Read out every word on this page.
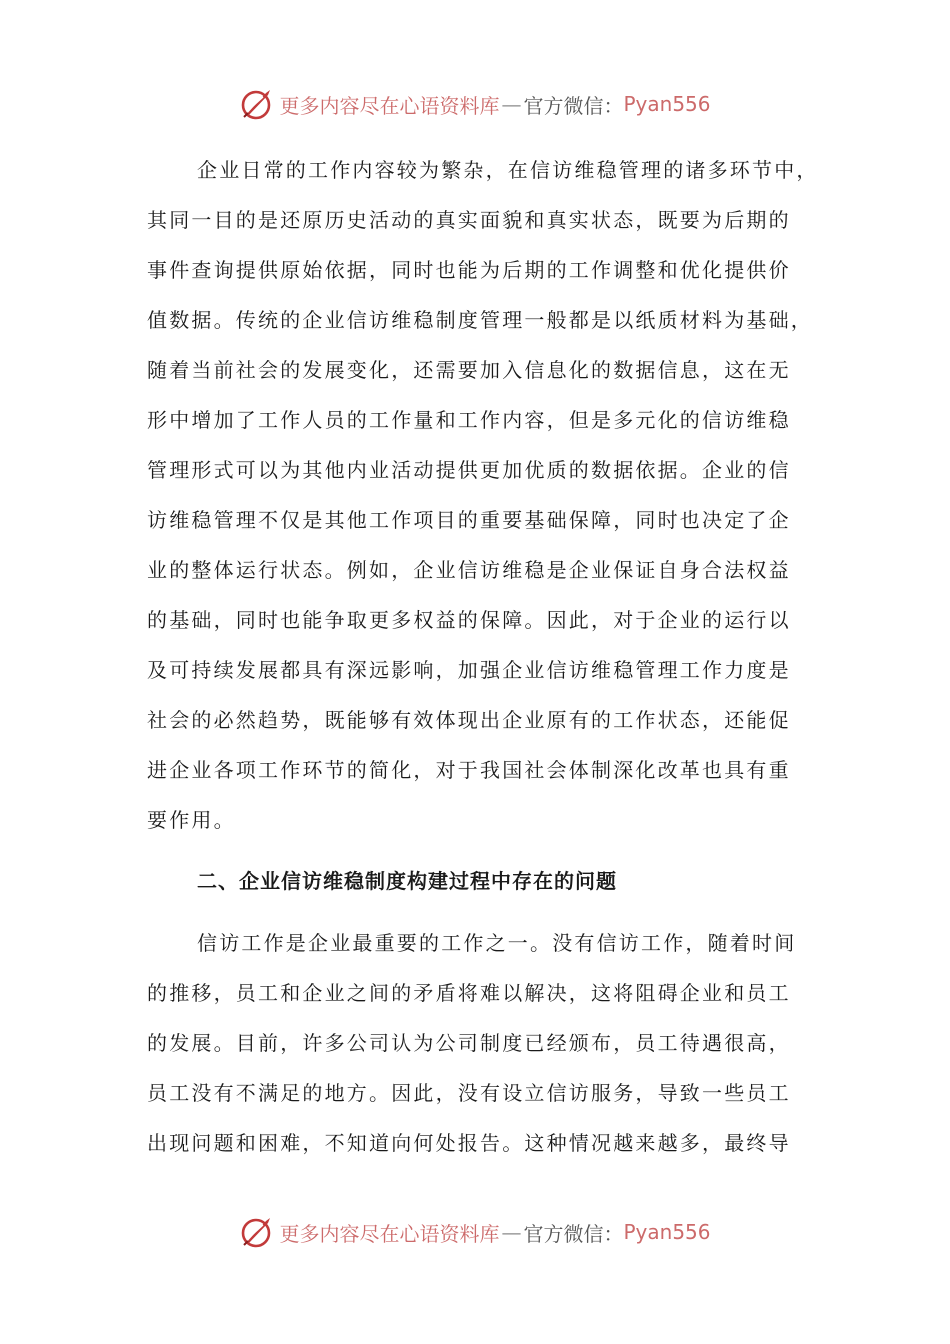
更多内容尽在心语资料库 — 官方微信： Pyan556

企业日常的工作内容较为繁杂，在信访维稳管理的诸多环节中，
其同一目的是还原历史活动的真实面貌和真实状态，既要为后期的
事件查询提供原始依据，同时也能为后期的工作调整和优化提供价
值数据。传统的企业信访维稳制度管理一般都是以纸质材料为基础，
随着当前社会的发展变化，还需要加入信息化的数据信息，这在无
形中增加了工作人员的工作量和工作内容，但是多元化的信访维稳
管理形式可以为其他内业活动提供更加优质的数据依据。企业的信
访维稳管理不仅是其他工作项目的重要基础保障，同时也决定了企
业的整体运行状态。例如，企业信访维稳是企业保证自身合法权益
的基础，同时也能争取更多权益的保障。因此，对于企业的运行以
及可持续发展都具有深远影响，加强企业信访维稳管理工作力度是
社会的必然趋势，既能够有效体现出企业原有的工作状态，还能促
进企业各项工作环节的简化，对于我国社会体制深化改革也具有重
要作用。

二、企业信访维稳制度构建过程中存在的问题

信访工作是企业最重要的工作之一。没有信访工作，随着时间
的推移，员工和企业之间的矛盾将难以解决，这将阻碍企业和员工
的发展。目前，许多公司认为公司制度已经颁布，员工待遇很高，
员工没有不满足的地方。因此，没有设立信访服务，导致一些员工
出现问题和困难，不知道向何处报告。这种情况越来越多，最终导

更多内容尽在心语资料库 — 官方微信： Pyan556
